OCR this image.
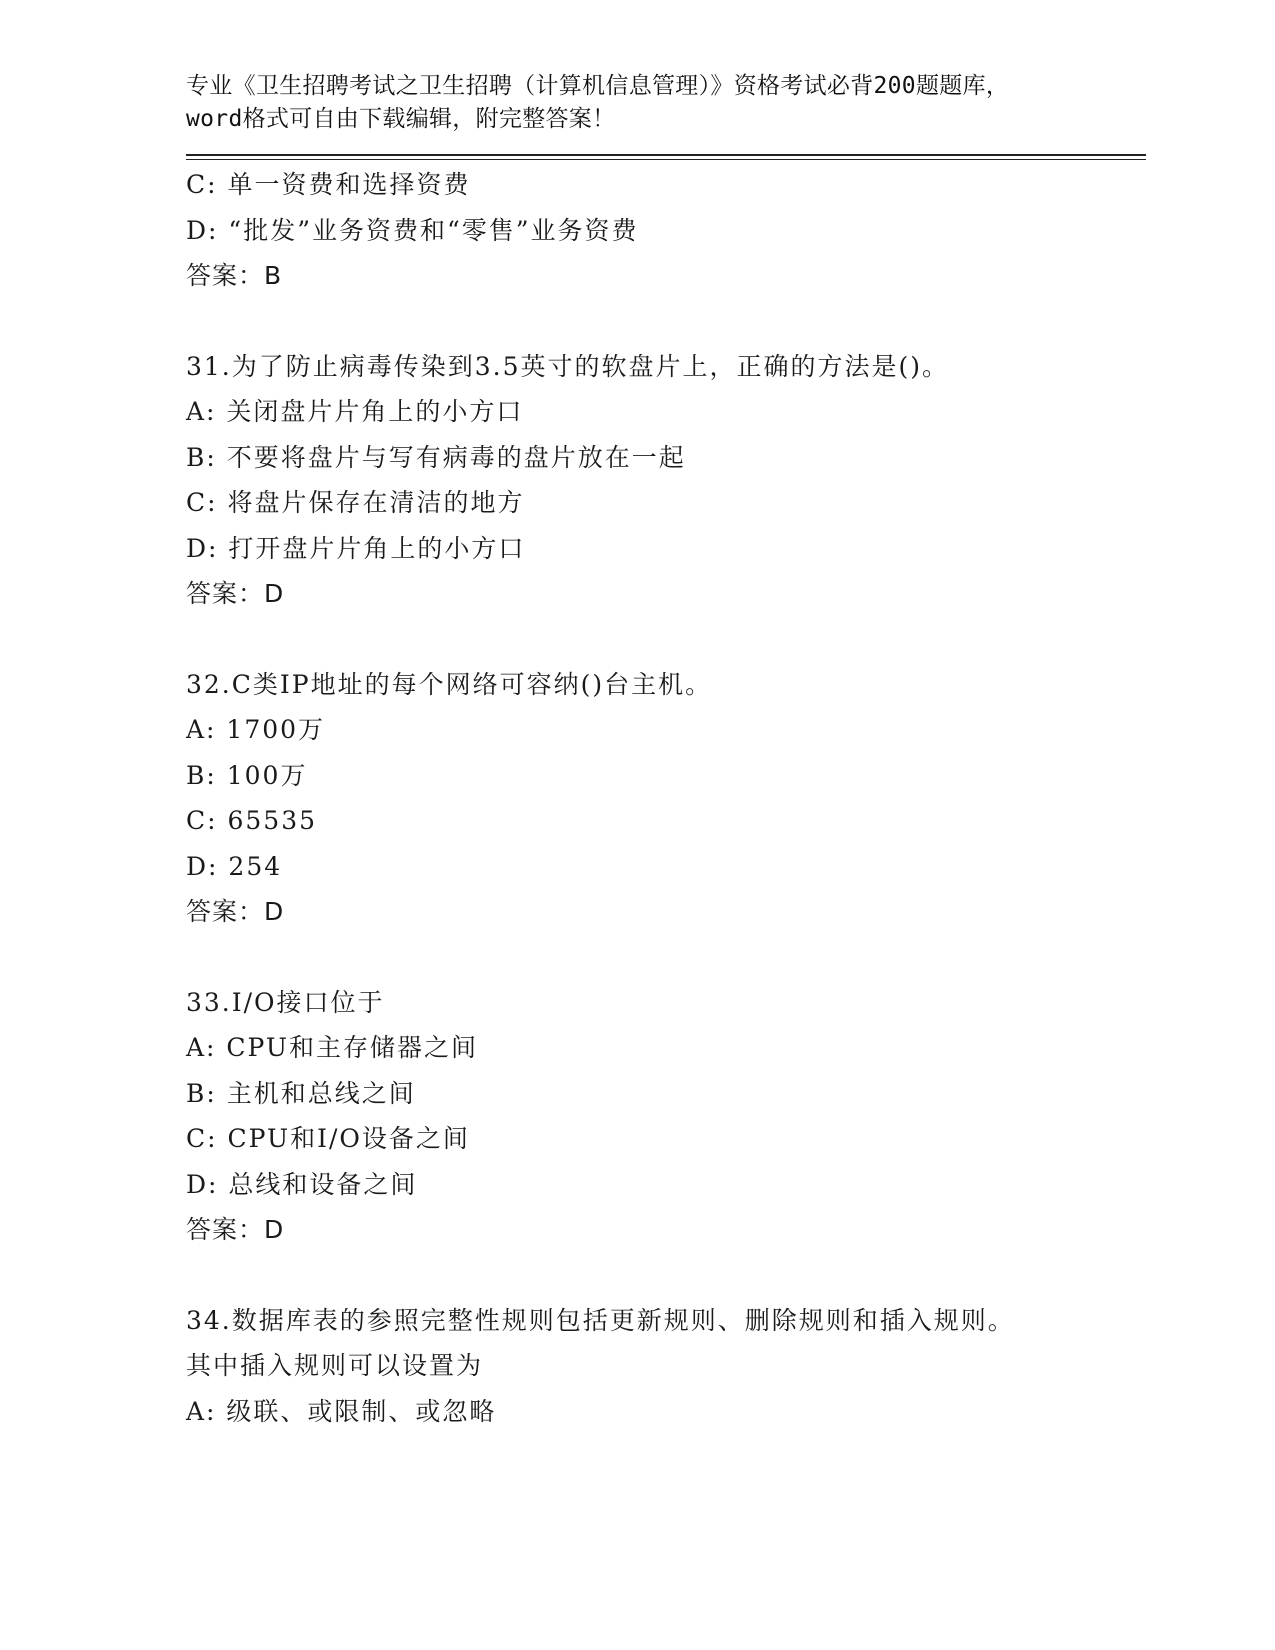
专业《卫生招聘考试之卫生招聘（计算机信息管理）》资格考试必背200题题库，
word格式可自由下载编辑，附完整答案！
C: 单一资费和选择资费
D: “批发”业务资费和“零售”业务资费
答案：B
31.为了防止病毒传染到3.5英寸的软盘片上，正确的方法是()。
A: 关闭盘片片角上的小方口
B: 不要将盘片与写有病毒的盘片放在一起
C: 将盘片保存在清洁的地方
D: 打开盘片片角上的小方口
答案：D
32.C类IP地址的每个网络可容纳()台主机。
A: 1700万
B: 100万
C: 65535
D: 254
答案：D
33.I/O接口位于
A: CPU和主存储器之间
B: 主机和总线之间
C: CPU和I/O设备之间
D: 总线和设备之间
答案：D
34.数据库表的参照完整性规则包括更新规则、删除规则和插入规则。
其中插入规则可以设置为
A: 级联、或限制、或忽略
